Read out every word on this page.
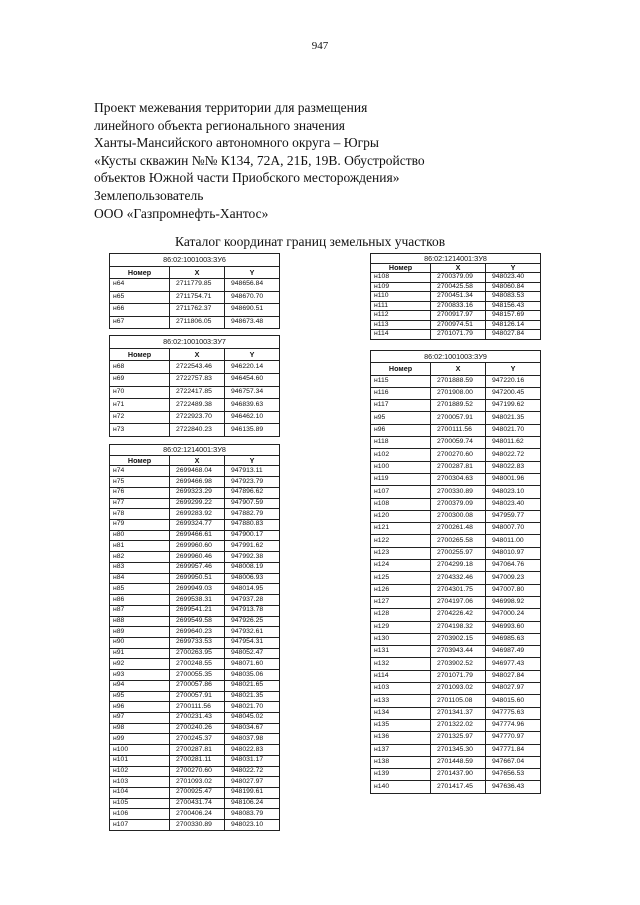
947
Проект межевания территории для размещения
линейного объекта регионального значения
Ханты-Мансийского автономного округа – Югры
«Кусты скважин №№ К134, 72А, 21Б, 19В. Обустройство
объектов Южной части Приобского месторождения»
Землепользователь
ООО «Газпромнефть-Хантос»
Каталог координат границ земельных участков
86:02:1001003:ЗУ6		
Номер	X	Y
н64	2711779.85	948656.84
н65	2711754.71	948670.70
н66	2711762.37	948690.51
н67	2711806.05	948673.48
86:02:1001003:ЗУ7		
Номер	X	Y
н68	2722543.46	946220.14
н69	2722757.83	946454.60
н70	2722417.85	946757.34
н71	2722489.38	946839.63
н72	2722923.70	946462.10
н73	2722840.23	946135.89
86:02:1214001:ЗУ8		
Номер	X	Y
н74	2699468.04	947913.11
н75	2699466.98	947923.79
н76	2699323.29	947896.62
н77	2699299.22	947907.59
н78	2699283.92	947882.79
н79	2699324.77	947880.83
н80	2699466.61	947900.17
н81	2699960.60	947991.62
н82	2699960.46	947992.38
н83	2699957.46	948008.19
н84	2699950.51	948006.93
н85	2699949.03	948014.95
н86	2699538.31	947937.28
н87	2699541.21	947913.78
н88	2699549.58	947926.25
н89	2699640.23	947932.61
н90	2699733.53	947954.31
н91	2700263.95	948052.47
н92	2700248.55	948071.60
н93	2700055.35	948035.06
н94	2700057.86	948021.65
н95	2700057.91	948021.35
н96	2700111.56	948021.70
н97	2700231.43	948045.02
н98	2700240.26	948034.67
н99	2700245.37	948037.98
н100	2700287.81	948022.83
н101	2700281.11	948031.17
н102	2700270.60	948022.72
н103	2701093.02	948027.97
н104	2700925.47	948199.61
н105	2700431.74	948106.24
н106	2700406.24	948083.79
н107	2700330.89	948023.10
86:02:1214001:ЗУ8		
Номер	X	Y
н108	2700379.09	948023.40
н109	2700425.58	948060.84
н110	2700451.34	948083.53
н111	2700833.16	948156.43
н112	2700917.97	948157.69
н113	2700974.51	948126.14
н114	2701071.79	948027.84
86:02:1001003:ЗУ9		
Номер	X	Y
н115	2701888.59	947220.16
н116	2701908.00	947200.45
н117	2701889.52	947199.62
н95	2700057.91	948021.35
н96	2700111.56	948021.70
н118	2700059.74	948011.62
н102	2700270.60	948022.72
н100	2700287.81	948022.83
н119	2700304.63	948001.96
н107	2700330.89	948023.10
н108	2700379.09	948023.40
н120	2700300.08	947959.77
н121	2700261.48	948007.70
н122	2700265.58	948011.00
н123	2700255.97	948010.97
н124	2704299.18	947064.76
н125	2704332.46	947009.23
н126	2704301.75	947007.80
н127	2704197.06	946998.92
н128	2704226.42	947000.24
н129	2704198.32	946993.60
н130	2703902.15	946985.63
н131	2703943.44	946987.49
н132	2703902.52	946977.43
н114	2701071.79	948027.84
н103	2701093.02	948027.97
н133	2701105.08	948015.60
н134	2701341.37	947775.63
н135	2701322.02	947774.96
н136	2701325.97	947770.97
н137	2701345.30	947771.84
н138	2701448.59	947667.04
н139	2701437.90	947656.53
н140	2701417.45	947636.43
